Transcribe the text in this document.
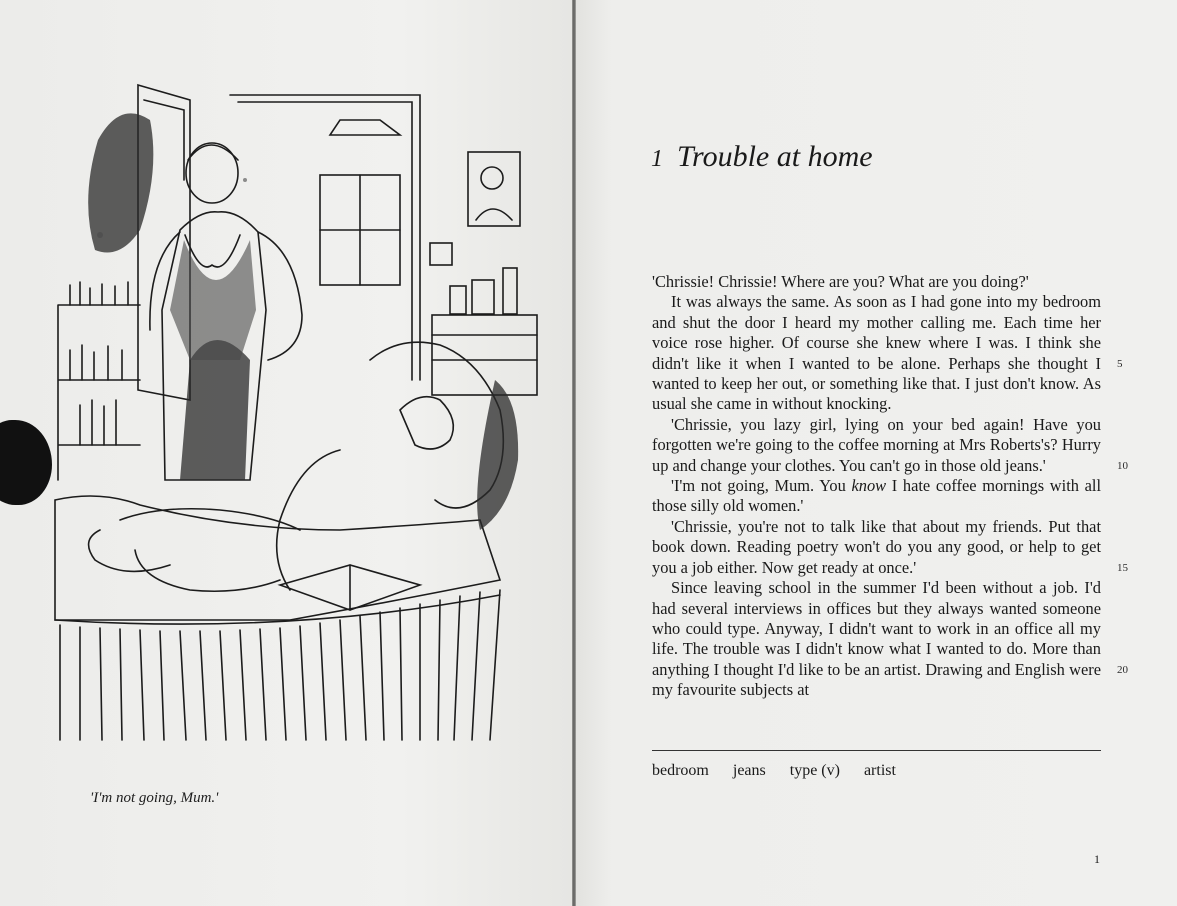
'I'm not going, Mum.'
1 Trouble at home

'Chrissie! Chrissie! Where are you? What are you doing?'

It was always the same. As soon as I had gone into my bedroom and shut the door I heard my mother calling me. Each time her voice rose higher. Of course she knew where I was. I think she didn't like it when I wanted to be alone. Perhaps she thought I wanted to keep her out, or something like that. I just don't know. As usual she came in without knocking.

'Chrissie, you lazy girl, lying on your bed again! Have you forgotten we're going to the coffee morning at Mrs Roberts's? Hurry up and change your clothes. You can't go in those old jeans.'

'I'm not going, Mum. You know I hate coffee mornings with all those silly old women.'

'Chrissie, you're not to talk like that about my friends. Put that book down. Reading poetry won't do you any good, or help to get you a job either. Now get ready at once.'

Since leaving school in the summer I'd been without a job. I'd had several interviews in offices but they always wanted someone who could type. Anyway, I didn't want to work in an office all my life. The trouble was I didn't know what I wanted to do. More than anything I thought I'd like to be an artist. Drawing and English were my favourite subjects at

5
10
15
20
bedroom jeans type (v) artist
1
